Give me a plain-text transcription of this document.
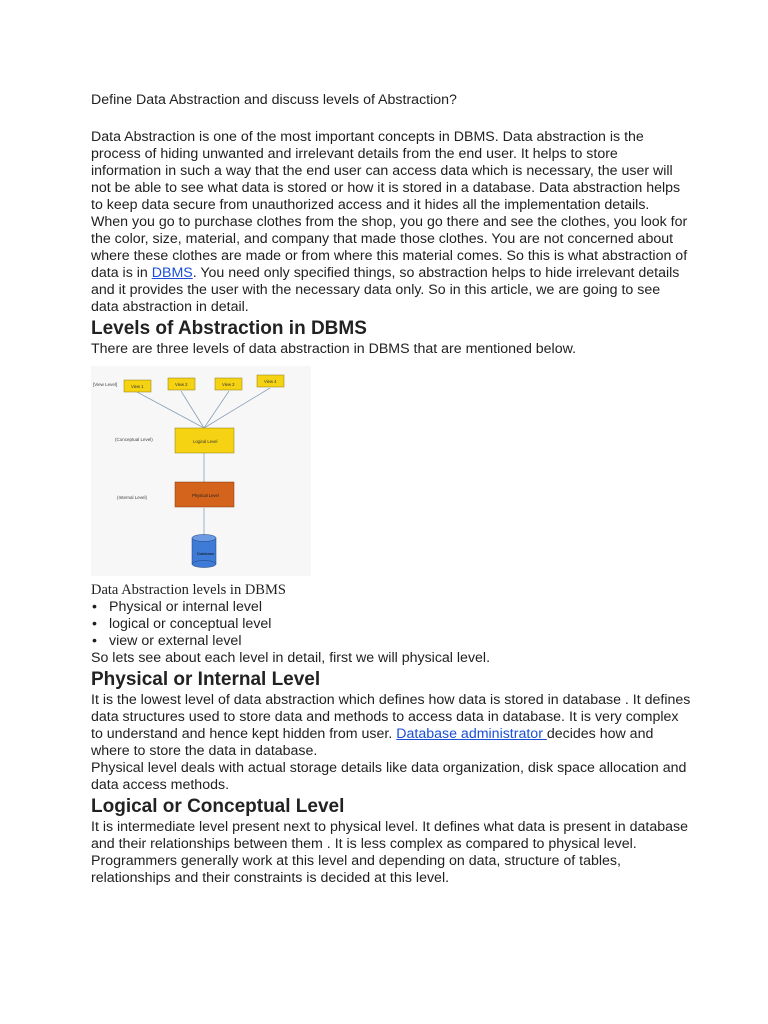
Define Data Abstraction and discuss levels of Abstraction?

Data Abstraction is one of the most important concepts in DBMS. Data abstraction is the process of hiding unwanted and irrelevant details from the end user. It helps to store information in such a way that the end user can access data which is necessary, the user will not be able to see what data is stored or how it is stored in a database. Data abstraction helps to keep data secure from unauthorized access and it hides all the implementation details.

When you go to purchase clothes from the shop, you go there and see the clothes, you look for the color, size, material, and company that made those clothes. You are not concerned about where these clothes are made or from where this material comes. So this is what abstraction of data is in DBMS. You need only specified things, so abstraction helps to hide irrelevant details and it provides the user with the necessary data only. So in this article, we are going to see data abstraction in detail.

Levels of Abstraction in DBMS

There are three levels of data abstraction in DBMS that are mentioned below.

[View Level]
(Conceptual Level)
(Internal Level)
View 1	View 2	View 3
View 4
Logical Level
Physical Level
Database

Data Abstraction levels in DBMS

• Physical or internal level
• logical or conceptual level
• view or external level

So lets see about each level in detail, first we will physical level.

Physical or Internal Level

It is the lowest level of data abstraction which defines how data is stored in database . It defines data structures used to store data and methods to access data in database. It is very complex to understand and hence kept hidden from user. Database administrator decides how and where to store the data in database.

Physical level deals with actual storage details like data organization, disk space allocation and data access methods.

Logical or Conceptual Level

It is intermediate level present next to physical level. It defines what data is present in database and their relationships between them . It is less complex as compared to physical level. Programmers generally work at this level and depending on data, structure of tables, relationships and their constraints is decided at this level.
